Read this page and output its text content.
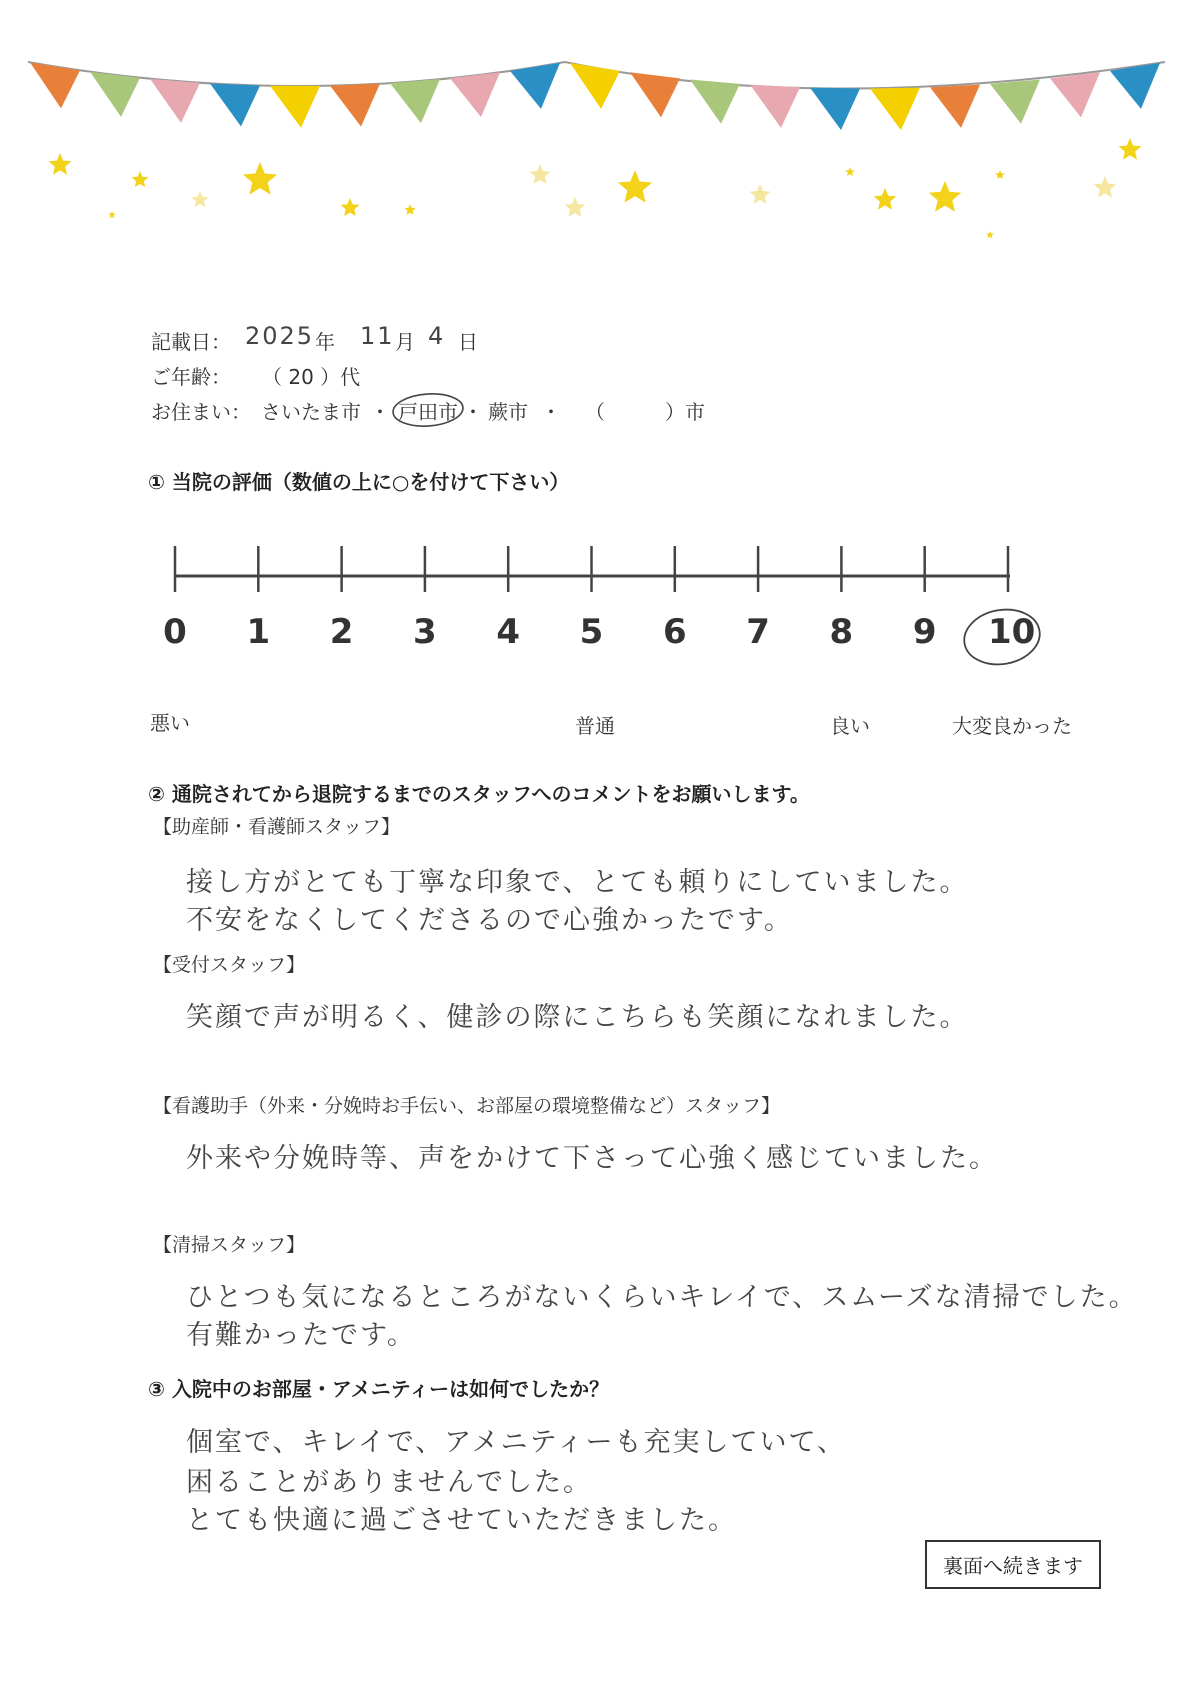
記載日： 2025 年 11 月 4 日
ご年齢： （ 20 ）代
お住まい： さいたま市 ・ 戸田市 ・ 蕨市 ・ （	）市
① 当院の評価（数値の上に○を付けて下さい）
0 1 2 3 4 5 6 7 8 9 10
悪い	普通	良い	大変良かった
② 通院されてから退院するまでのスタッフへのコメントをお願いします。
【助産師・看護師スタッフ】
接し方がとても丁寧な印象で、とても頼りにしていました。
不安をなくしてくださるので心強かったです。
【受付スタッフ】
笑顔で声が明るく、健診の際にこちらも笑顔になれました。
【看護助手（外来・分娩時お手伝い、お部屋の環境整備など）スタッフ】
外来や分娩時等、声をかけて下さって心強く感じていました。
【清掃スタッフ】
ひとつも気になるところがないくらいキレイで、スムーズな清掃でした。
有難かったです。
③ 入院中のお部屋・アメニティーは如何でしたか？
個室で、キレイで、アメニティーも充実していて、
困ることがありませんでした。
とても快適に過ごさせていただきました。
裏面へ続きます
